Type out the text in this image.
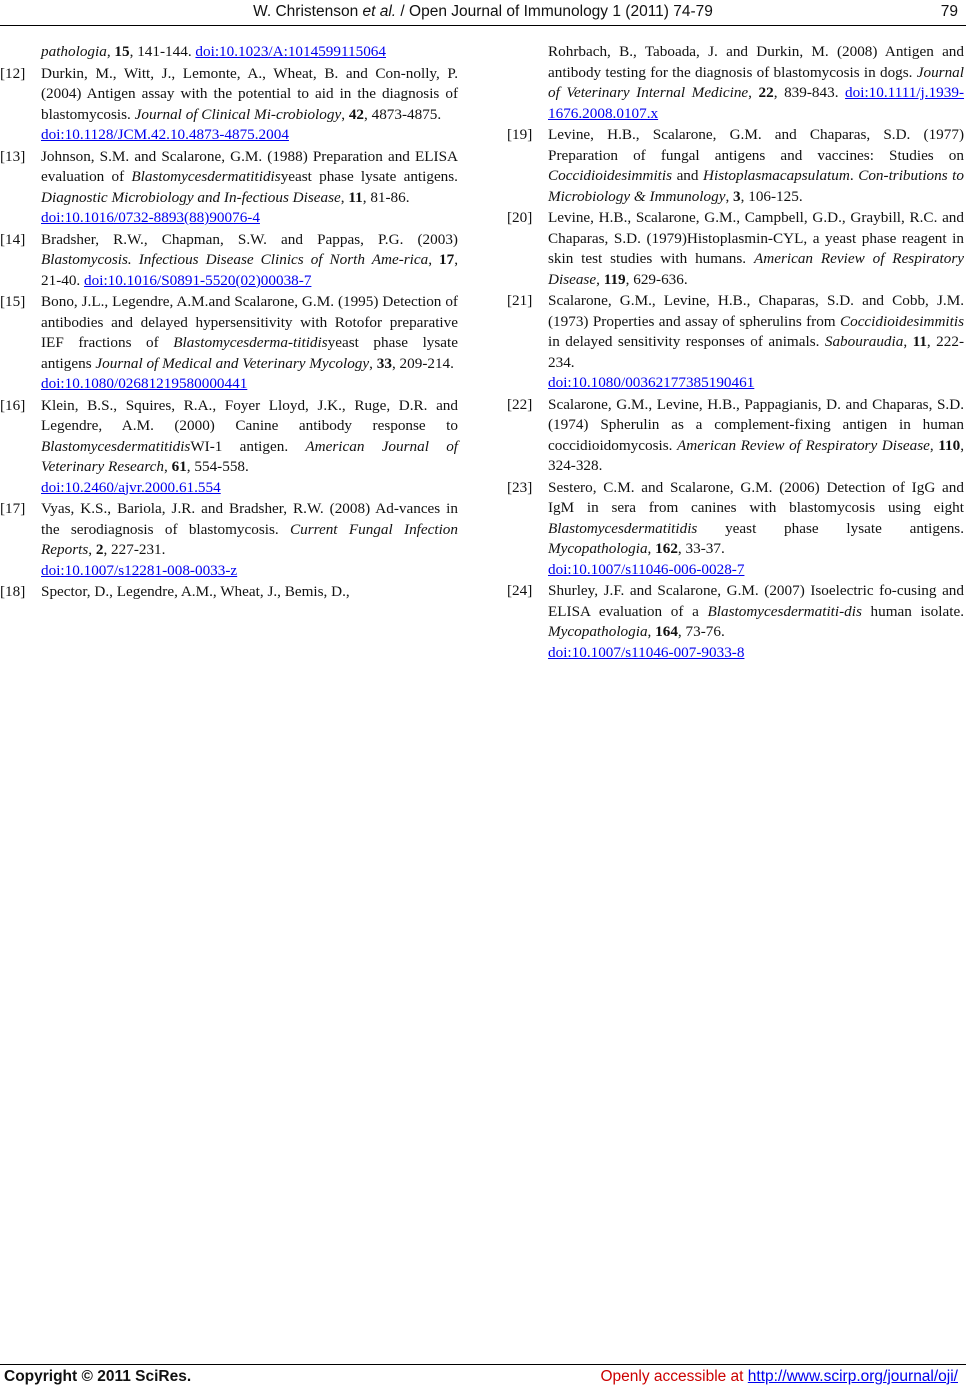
W. Christenson et al. / Open Journal of Immunology 1 (2011) 74-79	79
pathologia, 15, 141-144. doi:10.1023/A:1014599115064
[12] Durkin, M., Witt, J., Lemonte, A., Wheat, B. and Con-nolly, P. (2004) Antigen assay with the potential to aid in the diagnosis of blastomycosis. Journal of Clinical Mi-crobiology, 42, 4873-4875.
doi:10.1128/JCM.42.10.4873-4875.2004
[13] Johnson, S.M. and Scalarone, G.M. (1988) Preparation and ELISA evaluation of Blastomycesdermatitidisyeast phase lysate antigens. Diagnostic Microbiology and In-fectious Disease, 11, 81-86.
doi:10.1016/0732-8893(88)90076-4
[14] Bradsher, R.W., Chapman, S.W. and Pappas, P.G. (2003) Blastomycosis. Infectious Disease Clinics of North Ame-rica, 17, 21-40. doi:10.1016/S0891-5520(02)00038-7
[15] Bono, J.L., Legendre, A.M.and Scalarone, G.M. (1995) Detection of antibodies and delayed hypersensitivity with Rotofor preparative IEF fractions of Blastomycesderma-titidisyeast phase lysate antigens Journal of Medical and Veterinary Mycology, 33, 209-214.
doi:10.1080/02681219580000441
[16] Klein, B.S., Squires, R.A., Foyer Lloyd, J.K., Ruge, D.R. and Legendre, A.M. (2000) Canine antibody response to BlastomycesdermatitidisWI-1 antigen. American Journal of Veterinary Research, 61, 554-558.
doi:10.2460/ajvr.2000.61.554
[17] Vyas, K.S., Bariola, J.R. and Bradsher, R.W. (2008) Ad-vances in the serodiagnosis of blastomycosis. Current Fungal Infection Reports, 2, 227-231.
doi:10.1007/s12281-008-0033-z
[18] Spector, D., Legendre, A.M., Wheat, J., Bemis, D.,
Rohrbach, B., Taboada, J. and Durkin, M. (2008) Antigen and antibody testing for the diagnosis of blastomycosis in dogs. Journal of Veterinary Internal Medicine, 22, 839-843. doi:10.1111/j.1939-1676.2008.0107.x
[19] Levine, H.B., Scalarone, G.M. and Chaparas, S.D. (1977) Preparation of fungal antigens and vaccines: Studies on Coccidioidesimmitis and Histoplasmacapsulatum. Con-tributions to Microbiology & Immunology, 3, 106-125.
[20] Levine, H.B., Scalarone, G.M., Campbell, G.D., Graybill, R.C. and Chaparas, S.D. (1979)Histoplasmin-CYL, a yeast phase reagent in skin test studies with humans. American Review of Respiratory Disease, 119, 629-636.
[21] Scalarone, G.M., Levine, H.B., Chaparas, S.D. and Cobb, J.M. (1973) Properties and assay of spherulins from Coccidioidesimmitis in delayed sensitivity responses of animals. Sabouraudia, 11, 222-234.
doi:10.1080/00362177385190461
[22] Scalarone, G.M., Levine, H.B., Pappagianis, D. and Chaparas, S.D. (1974) Spherulin as a complement-fixing antigen in human coccidioidomycosis. American Review of Respiratory Disease, 110, 324-328.
[23] Sestero, C.M. and Scalarone, G.M. (2006) Detection of IgG and IgM in sera from canines with blastomycosis using eight Blastomycesdermatitidis yeast phase lysate antigens. Mycopathologia, 162, 33-37.
doi:10.1007/s11046-006-0028-7
[24] Shurley, J.F. and Scalarone, G.M. (2007) Isoelectric fo-cusing and ELISA evaluation of a Blastomycesdermatiti-dis human isolate. Mycopathologia, 164, 73-76.
doi:10.1007/s11046-007-9033-8
Copyright © 2011 SciRes.	Openly accessible at http://www.scirp.org/journal/oji/
